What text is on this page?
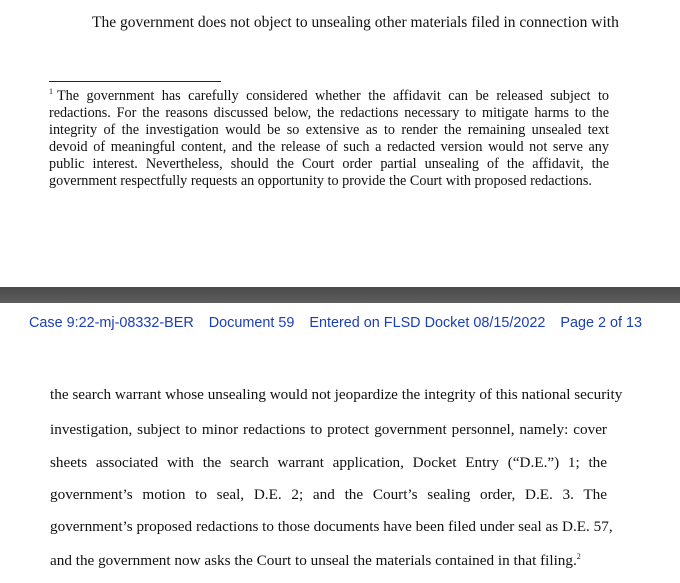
The government does not object to unsealing other materials filed in connection with
$^1$ The government has carefully considered whether the affidavit can be released subject to redactions. For the reasons discussed below, the redactions necessary to mitigate harms to the integrity of the investigation would be so extensive as to render the remaining unsealed text devoid of meaningful content, and the release of such a redacted version would not serve any public interest. Nevertheless, should the Court order partial unsealing of the affidavit, the government respectfully requests an opportunity to provide the Court with proposed redactions.
Case 9:22-mj-08332-BER Document 59 Entered on FLSD Docket 08/15/2022 Page 2 of 13
the search warrant whose unsealing would not jeopardize the integrity of this national security
investigation, subject to minor redactions to protect government personnel, namely: cover
sheets associated with the search warrant application, Docket Entry (“D.E.”) 1; the
government’s motion to seal, D.E. 2; and the Court’s sealing order, D.E. 3. The
government’s proposed redactions to those documents have been filed under seal as D.E. 57,
and the government now asks the Court to unseal the materials contained in that filing.$^2$
